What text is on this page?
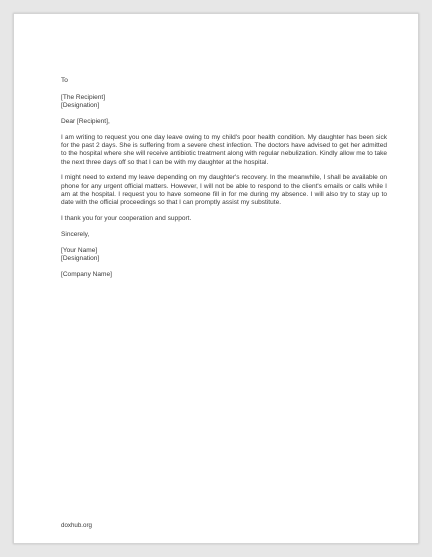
To
[The Recipient]
[Designation]
Dear [Recipient],
I am writing to request you one day leave owing to my child's poor health condition. My daughter has been sick for the past 2 days. She is suffering from a severe chest infection. The doctors have advised to get her admitted to the hospital where she will receive antibiotic treatment along with regular nebulization. Kindly allow me to take the next three days off so that I can be with my daughter at the hospital.
I might need to extend my leave depending on my daughter's recovery. In the meanwhile, I shall be available on phone for any urgent official matters. However, I will not be able to respond to the client's emails or calls while I am at the hospital. I request you to have someone fill in for me during my absence. I will also try to stay up to date with the official proceedings so that I can promptly assist my substitute.
I thank you for your cooperation and support.
Sincerely,
[Your Name]
[Designation]
[Company Name]
doxhub.org
